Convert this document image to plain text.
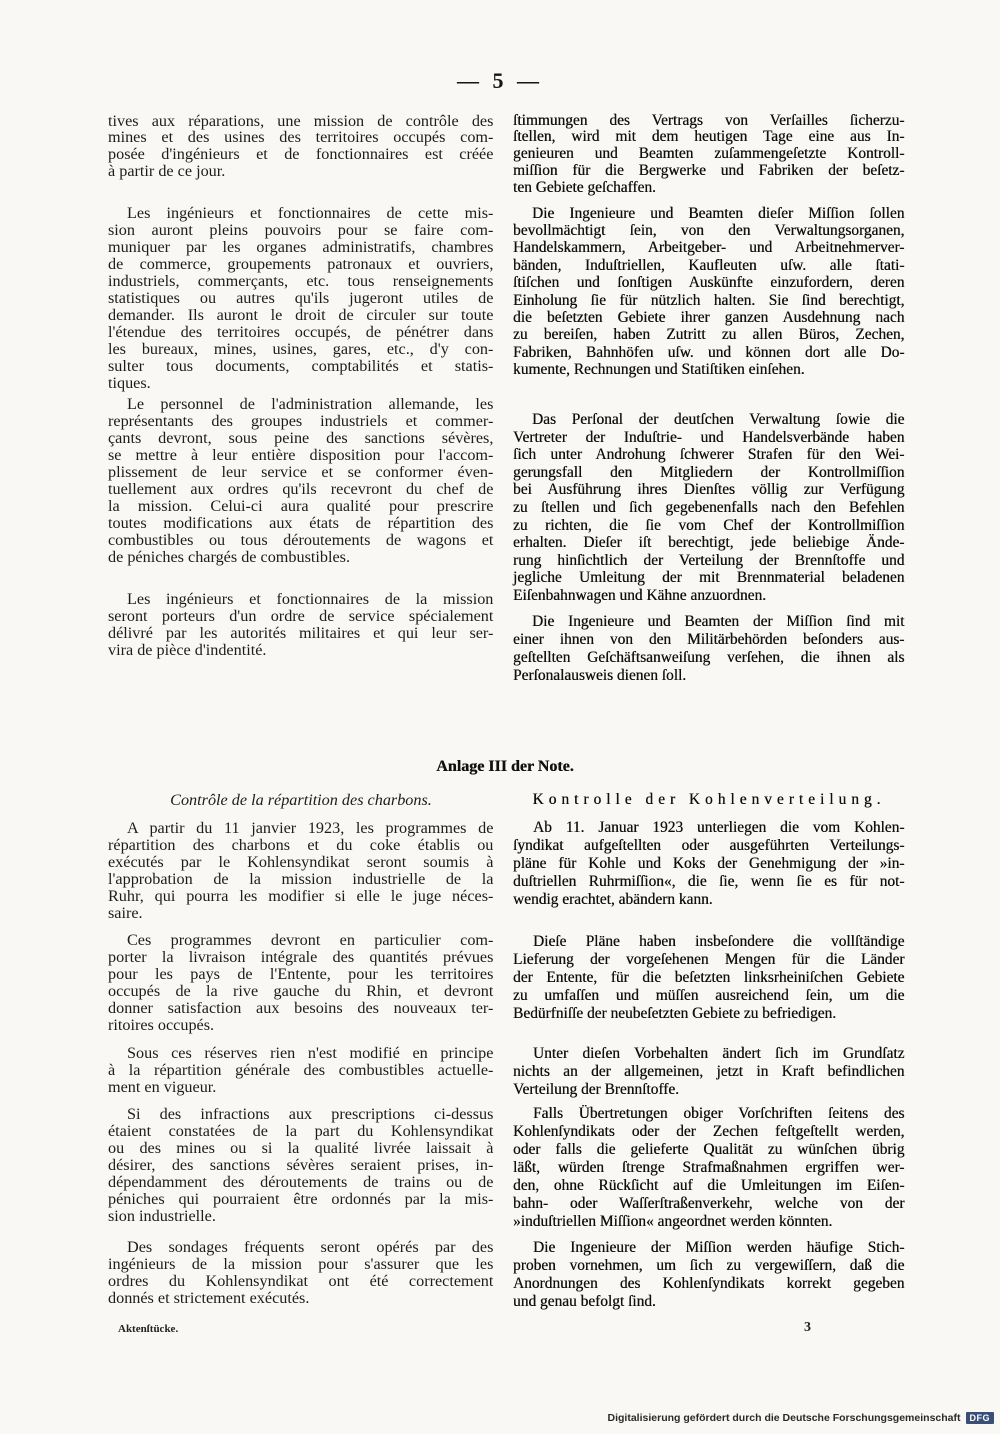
— 5 —
tives aux réparations, une mission de contrôle des
mines et des usines des territoires occupés com-
posée d'ingénieurs et de fonctionnaires est créée
à partir de ce jour.
Les ingénieurs et fonctionnaires de cette mis-
sion auront pleins pouvoirs pour se faire com-
muniquer par les organes administratifs, chambres
de commerce, groupements patronaux et ouvriers,
industriels, commerçants, etc. tous renseignements
statistiques ou autres qu'ils jugeront utiles de
demander. Ils auront le droit de circuler sur toute
l'étendue des territoires occupés, de pénétrer dans
les bureaux, mines, usines, gares, etc., d'y con-
sulter tous documents, comptabilités et statis-
tiques.
Le personnel de l'administration allemande, les
représentants des groupes industriels et commer-
çants devront, sous peine des sanctions sévères,
se mettre à leur entière disposition pour l'accom-
plissement de leur service et se conformer éven-
tuellement aux ordres qu'ils recevront du chef de
la mission. Celui-ci aura qualité pour prescrire
toutes modifications aux états de répartition des
combustibles ou tous déroutements de wagons et
de péniches chargés de combustibles.
Les ingénieurs et fonctionnaires de la mission
seront porteurs d'un ordre de service spécialement
délivré par les autorités militaires et qui leur ser-
vira de pièce d'indentité.
ſtimmungen des Vertrags von Verſailles ſicherzu-
ſtellen, wird mit dem heutigen Tage eine aus In-
genieuren und Beamten zuſammengeſetzte Kontroll-
miſſion für die Bergwerke und Fabriken der beſetz-
ten Gebiete geſchaffen.
Die Ingenieure und Beamten dieſer Miſſion ſollen
bevollmächtigt ſein, von den Verwaltungsorganen,
Handelskammern, Arbeitgeber- und Arbeitnehmerver-
bänden, Induſtriellen, Kaufleuten uſw. alle ſtati-
ſtiſchen und ſonſtigen Auskünfte einzufordern, deren
Einholung ſie für nützlich halten. Sie ſind berechtigt,
die beſetzten Gebiete ihrer ganzen Ausdehnung nach
zu bereiſen, haben Zutritt zu allen Büros, Zechen,
Fabriken, Bahnhöfen uſw. und können dort alle Do-
kumente, Rechnungen und Statiſtiken einſehen.
Das Perſonal der deutſchen Verwaltung ſowie die
Vertreter der Induſtrie- und Handelsverbände haben
ſich unter Androhung ſchwerer Strafen für den Wei-
gerungsfall den Mitgliedern der Kontrollmiſſion
bei Ausführung ihres Dienſtes völlig zur Verfügung
zu ſtellen und ſich gegebenenfalls nach den Befehlen
zu richten, die ſie vom Chef der Kontrollmiſſion
erhalten. Dieſer iſt berechtigt, jede beliebige Ände-
rung hinſichtlich der Verteilung der Brennſtoffe und
jegliche Umleitung der mit Brennmaterial beladenen
Eiſenbahnwagen und Kähne anzuordnen.
Die Ingenieure und Beamten der Miſſion ſind mit
einer ihnen von den Militärbehörden beſonders aus-
geſtellten Geſchäftsanweiſung verſehen, die ihnen als
Perſonalausweis dienen ſoll.
Anlage III der Note.
Contrôle de la répartition des charbons.	Kontrolle der Kohlenverteilung.
A partir du 11 janvier 1923, les programmes de
répartition des charbons et du coke établis ou
exécutés par le Kohlensyndikat seront soumis à
l'approbation de la mission industrielle de la
Ruhr, qui pourra les modifier si elle le juge néces-
saire.
Ces programmes devront en particulier com-
porter la livraison intégrale des quantités prévues
pour les pays de l'Entente, pour les territoires
occupés de la rive gauche du Rhin, et devront
donner satisfaction aux besoins des nouveaux ter-
ritoires occupés.
Sous ces réserves rien n'est modifié en principe
à la répartition générale des combustibles actuelle-
ment en vigueur.
Si des infractions aux prescriptions ci-dessus
étaient constatées de la part du Kohlensyndikat
ou des mines ou si la qualité livrée laissait à
désirer, des sanctions sévères seraient prises, in-
dépendamment des déroutements de trains ou de
péniches qui pourraient être ordonnés par la mis-
sion industrielle.
Des sondages fréquents seront opérés par des
ingénieurs de la mission pour s'assurer que les
ordres du Kohlensyndikat ont été correctement
donnés et strictement exécutés.
Ab 11. Januar 1923 unterliegen die vom Kohlen-
ſyndikat aufgeſtellten oder ausgeführten Verteilungs-
pläne für Kohle und Koks der Genehmigung der »in-
duſtriellen Ruhrmiſſion«, die ſie, wenn ſie es für not-
wendig erachtet, abändern kann.
Dieſe Pläne haben insbeſondere die vollſtändige
Lieferung der vorgeſehenen Mengen für die Länder
der Entente, für die beſetzten linksrheiniſchen Gebiete
zu umfaſſen und müſſen ausreichend ſein, um die
Bedürfniſſe der neubeſetzten Gebiete zu befriedigen.
Unter dieſen Vorbehalten ändert ſich im Grundſatz
nichts an der allgemeinen, jetzt in Kraft befindlichen
Verteilung der Brennſtoffe.
Falls Übertretungen obiger Vorſchriften ſeitens des
Kohlenſyndikats oder der Zechen feſtgeſtellt werden,
oder falls die gelieferte Qualität zu wünſchen übrig
läßt, würden ſtrenge Strafmaßnahmen ergriffen wer-
den, ohne Rückſicht auf die Umleitungen im Eiſen-
bahn- oder Waſſerſtraßenverkehr, welche von der
»induſtriellen Miſſion« angeordnet werden könnten.
Die Ingenieure der Miſſion werden häufige Stich-
proben vornehmen, um ſich zu vergewiſſern, daß die
Anordnungen des Kohlenſyndikats korrekt gegeben
und genau befolgt ſind.
Aktenſtücke.	3
Digitalisierung gefördert durch die Deutsche Forschungsgemeinschaft	DFG
